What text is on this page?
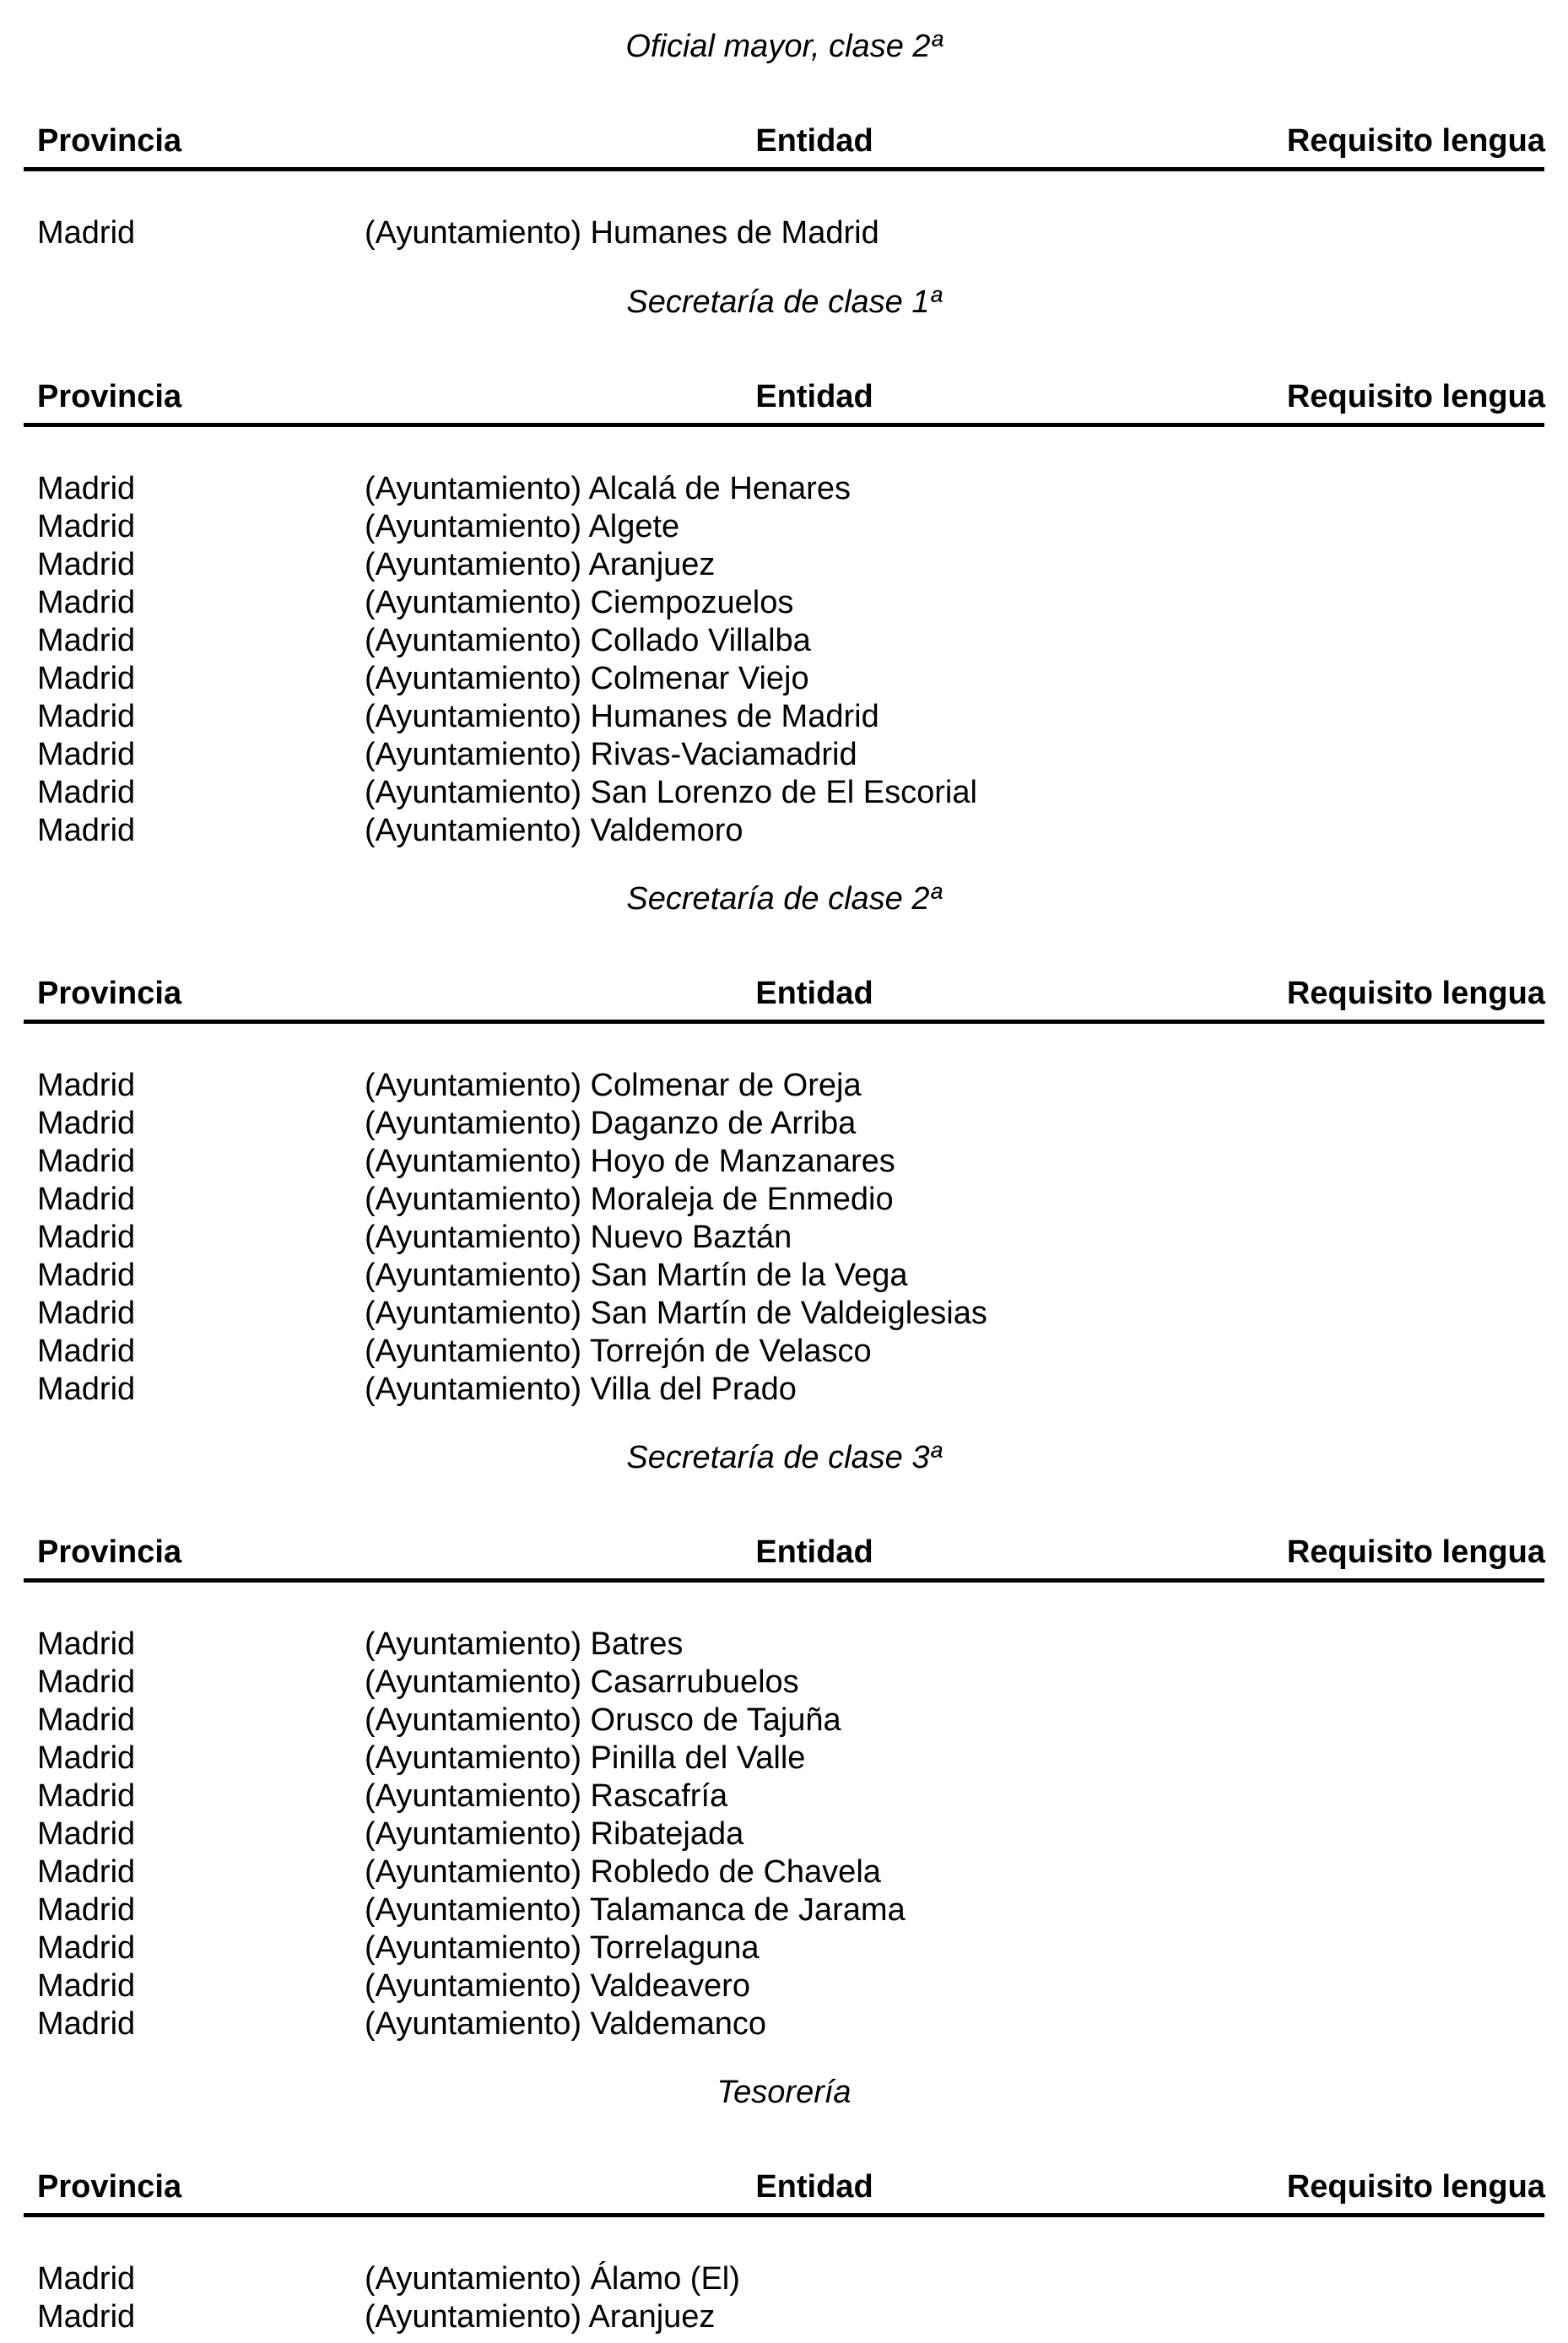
Oficial mayor, clase 2ª
Provincia	Entidad	Requisito lengua
Madrid	(Ayuntamiento) Humanes de Madrid
Secretaría de clase 1ª
Provincia	Entidad	Requisito lengua
Madrid	(Ayuntamiento) Alcalá de Henares
Madrid	(Ayuntamiento) Algete
Madrid	(Ayuntamiento) Aranjuez
Madrid	(Ayuntamiento) Ciempozuelos
Madrid	(Ayuntamiento) Collado Villalba
Madrid	(Ayuntamiento) Colmenar Viejo
Madrid	(Ayuntamiento) Humanes de Madrid
Madrid	(Ayuntamiento) Rivas-Vaciamadrid
Madrid	(Ayuntamiento) San Lorenzo de El Escorial
Madrid	(Ayuntamiento) Valdemoro
Secretaría de clase 2ª
Provincia	Entidad	Requisito lengua
Madrid	(Ayuntamiento) Colmenar de Oreja
Madrid	(Ayuntamiento) Daganzo de Arriba
Madrid	(Ayuntamiento) Hoyo de Manzanares
Madrid	(Ayuntamiento) Moraleja de Enmedio
Madrid	(Ayuntamiento) Nuevo Baztán
Madrid	(Ayuntamiento) San Martín de la Vega
Madrid	(Ayuntamiento) San Martín de Valdeiglesias
Madrid	(Ayuntamiento) Torrejón de Velasco
Madrid	(Ayuntamiento) Villa del Prado
Secretaría de clase 3ª
Provincia	Entidad	Requisito lengua
Madrid	(Ayuntamiento) Batres
Madrid	(Ayuntamiento) Casarrubuelos
Madrid	(Ayuntamiento) Orusco de Tajuña
Madrid	(Ayuntamiento) Pinilla del Valle
Madrid	(Ayuntamiento) Rascafría
Madrid	(Ayuntamiento) Ribatejada
Madrid	(Ayuntamiento) Robledo de Chavela
Madrid	(Ayuntamiento) Talamanca de Jarama
Madrid	(Ayuntamiento) Torrelaguna
Madrid	(Ayuntamiento) Valdeavero
Madrid	(Ayuntamiento) Valdemanco
Tesorería
Provincia	Entidad	Requisito lengua
Madrid	(Ayuntamiento) Álamo (El)
Madrid	(Ayuntamiento) Aranjuez
